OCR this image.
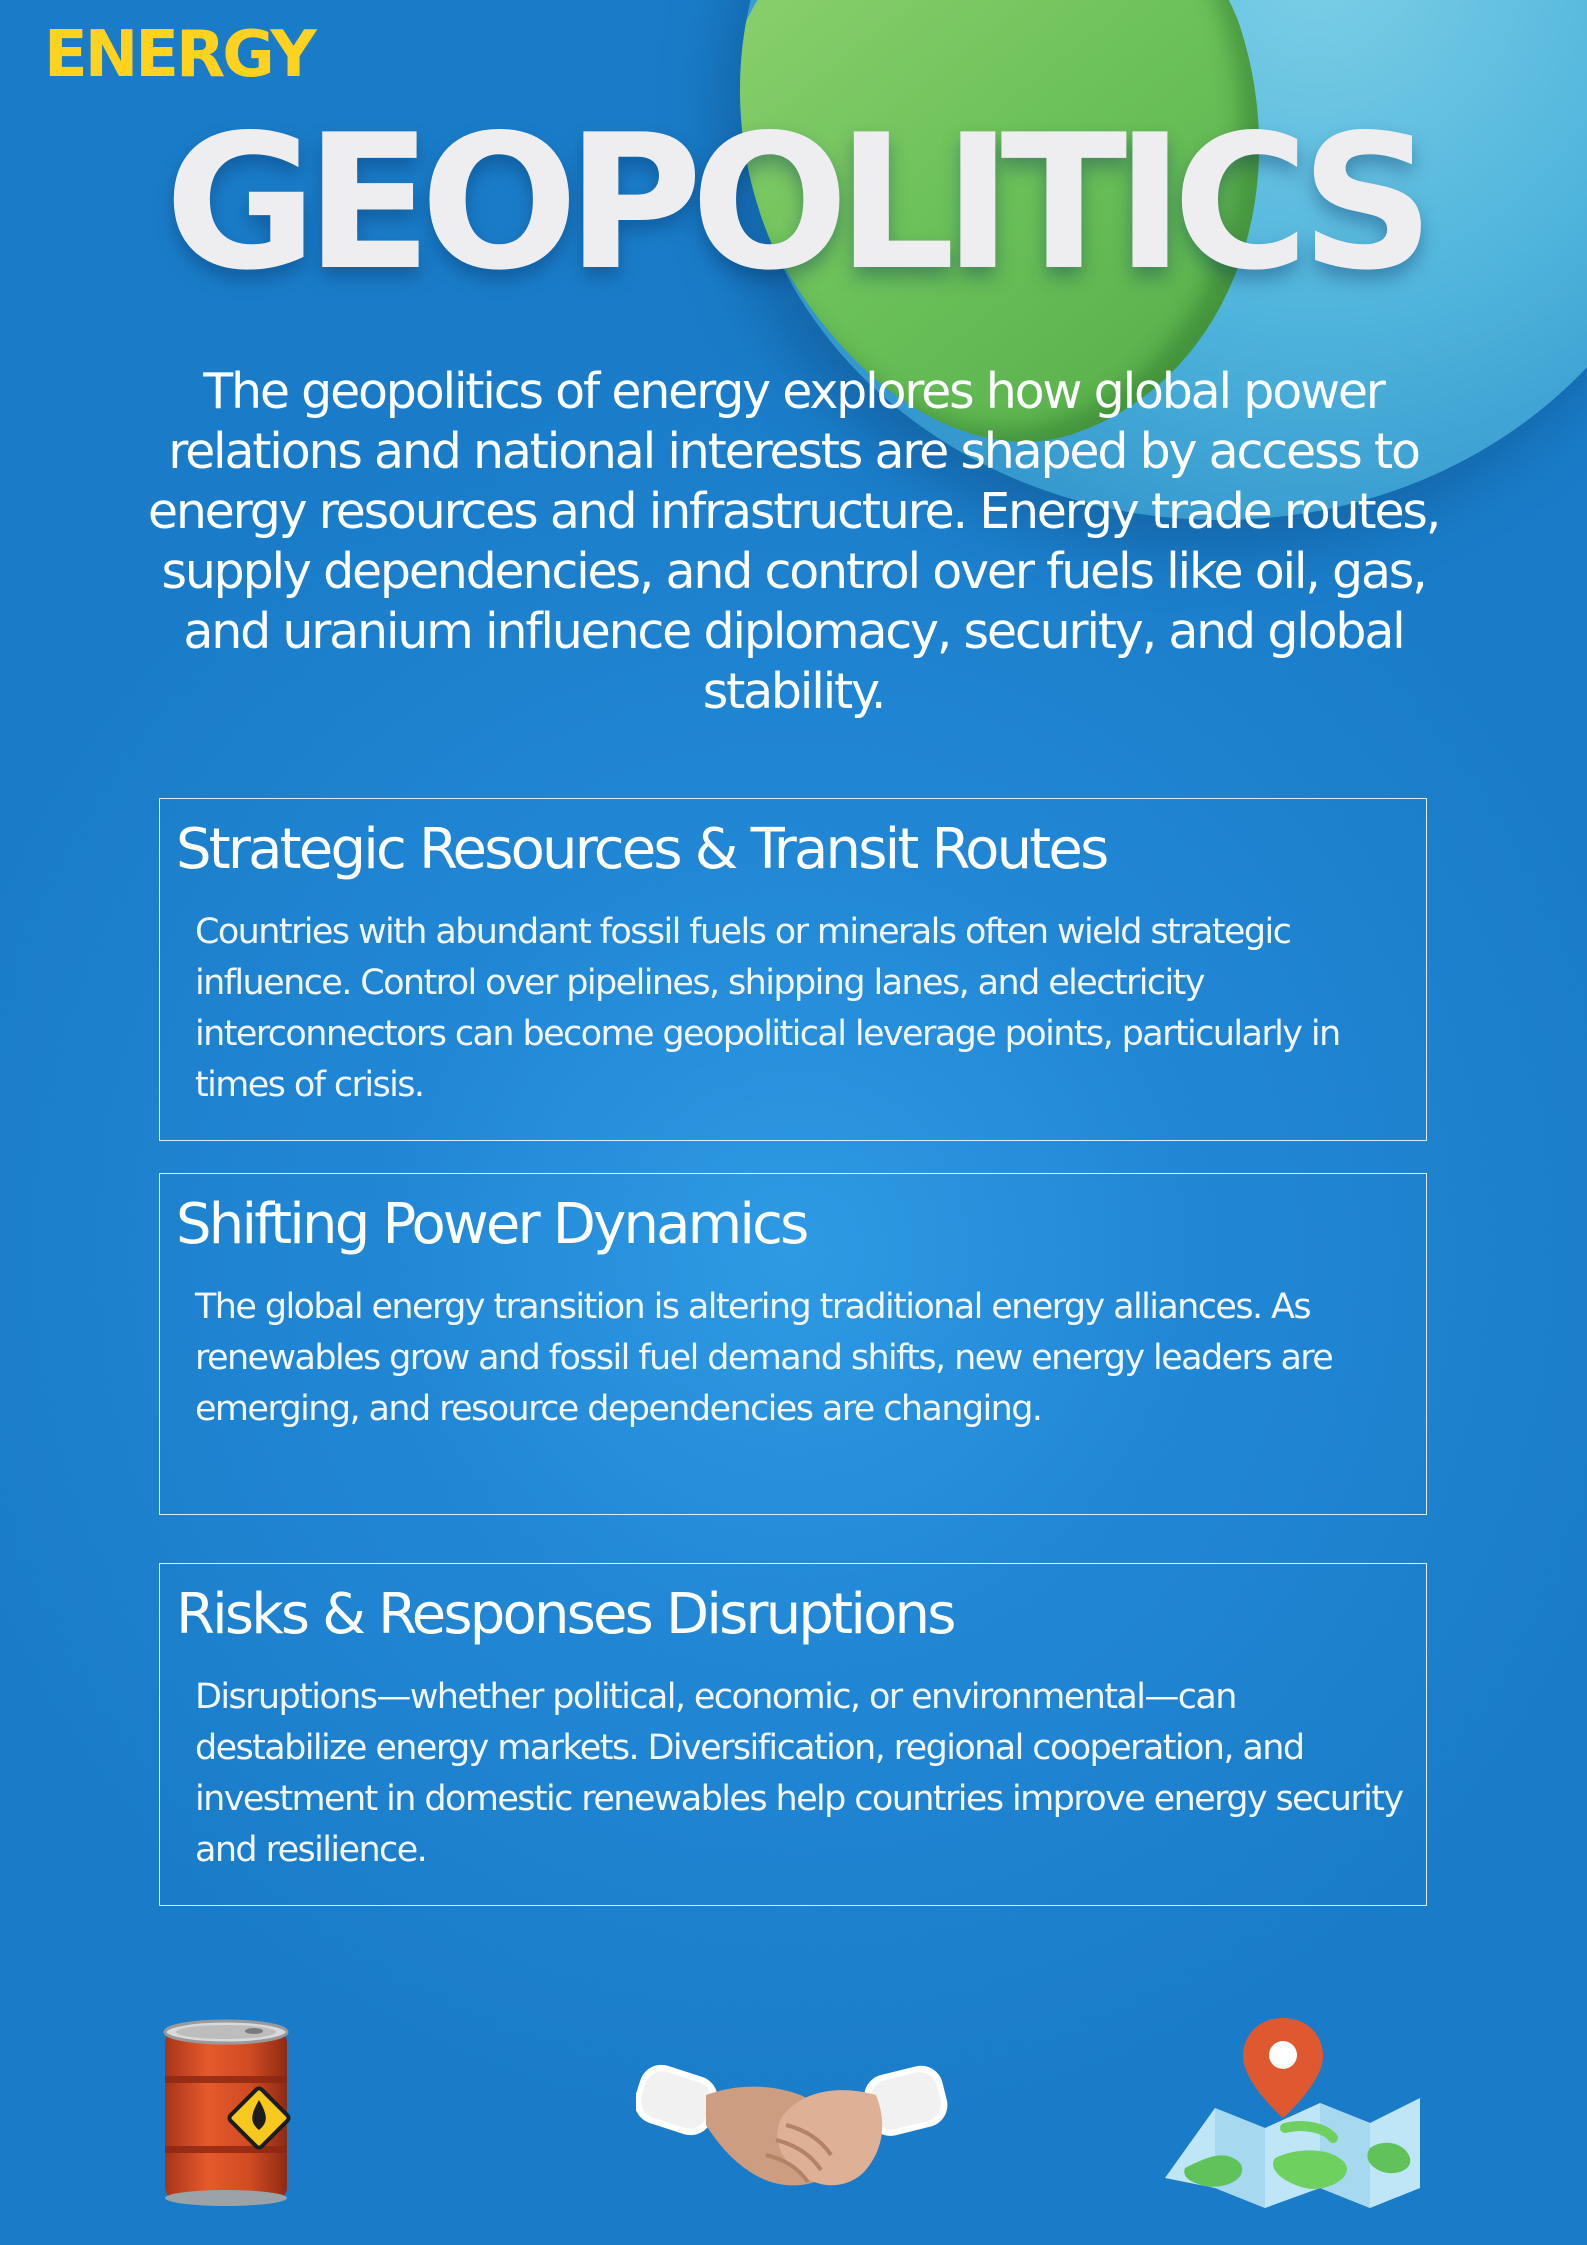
ENERGY
GEOPOLITICS

The geopolitics of energy explores how global power relations and national interests are shaped by access to energy resources and infrastructure. Energy trade routes, supply dependencies, and control over fuels like oil, gas, and uranium influence diplomacy, security, and global stability.

Strategic Resources & Transit Routes

Countries with abundant fossil fuels or minerals often wield strategic influence. Control over pipelines, shipping lanes, and electricity interconnectors can become geopolitical leverage points, particularly in times of crisis.

Shifting Power Dynamics

The global energy transition is altering traditional energy alliances. As renewables grow and fossil fuel demand shifts, new energy leaders are emerging, and resource dependencies are changing.

Risks & Responses Disruptions

Disruptions—whether political, economic, or environmental—can destabilize energy markets. Diversification, regional cooperation, and investment in domestic renewables help countries improve energy security and resilience.
